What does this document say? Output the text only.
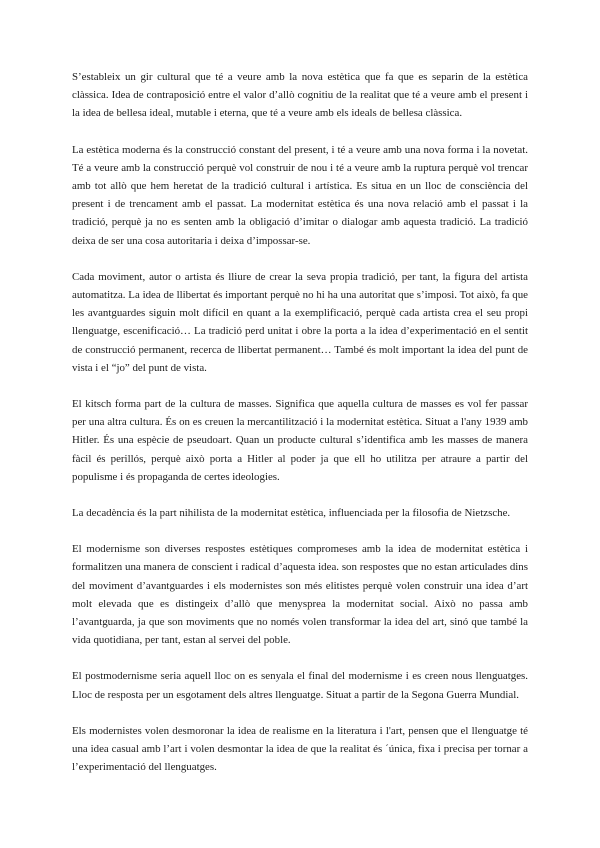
S’estableix un gir cultural que té a veure amb la nova estètica que fa que es separin de la estètica clàssica. Idea de contraposició entre el valor d’allò cognitiu de la realitat que té a veure amb el present i la idea de bellesa ideal, mutable i eterna, que té a veure amb els ideals de bellesa clàssica.

La estètica moderna és la construcció constant del present, i té a veure amb una nova forma i la novetat. Té a veure amb la construcció perquè vol construir de nou i té a veure amb la ruptura perquè vol trencar amb tot allò que hem heretat de la tradició cultural i artística. Es situa en un lloc de consciència del present i de trencament amb el passat. La modernitat estètica és una nova relació amb el passat i la tradició, perquè ja no es senten amb la obligació d’imitar o dialogar amb aquesta tradició. La tradició deixa de ser una cosa autoritaria i deixa d’impossar-se.

Cada moviment, autor o artista és lliure de crear la seva propia tradició, per tant, la figura del artista automatitza. La idea de llibertat és important perquè no hi ha una autoritat que s’imposi. Tot això, fa que les avantguardes siguin molt difícil en quant a la exemplificació, perquè cada artista crea el seu propi llenguatge, escenificació… La tradició perd unitat i obre la porta a la idea d’experimentació en el sentit de construcció permanent, recerca de llibertat permanent… També és molt important la idea del punt de vista i el “jo” del punt de vista.

El kitsch forma part de la cultura de masses. Significa que aquella cultura de masses es vol fer passar per una altra cultura. És on es creuen la mercantilització i la modernitat estètica. Situat a l'any 1939 amb Hitler. És una espècie de pseudoart. Quan un producte cultural s’identifica amb les masses de manera fàcil és perillós, perquè això porta a Hitler al poder ja que ell ho utilitza per atraure a partir del populisme i és propaganda de certes ideologies.

La decadència és la part nihilista de la modernitat estètica, influenciada per la filosofia de Nietzsche.

El modernisme son diverses respostes estètiques compromeses amb la idea de modernitat estètica i formalitzen una manera de conscient i radical d’aquesta idea. son respostes que no estan articulades dins del moviment d’avantguardes i els modernistes son més elitistes perquè volen construir una idea d’art molt elevada que es distingeix d’allò que menysprea la modernitat social. Això no passa amb l’avantguarda, ja que son moviments que no només volen transformar la idea del art, sinó que també la vida quotidiana, per tant, estan al servei del poble.

El postmodernisme seria aquell lloc on es senyala el final del modernisme i es creen nous llenguatges. Lloc de resposta per un esgotament dels altres llenguatge. Situat a partir de la Segona Guerra Mundial.

Els modernistes volen desmoronar la idea de realisme en la literatura i l'art, pensen que el llenguatge té una idea casual amb l’art i volen desmontar la idea de que la realitat és ´única, fixa i precisa per tornar a l’experimentació del llenguatges.
